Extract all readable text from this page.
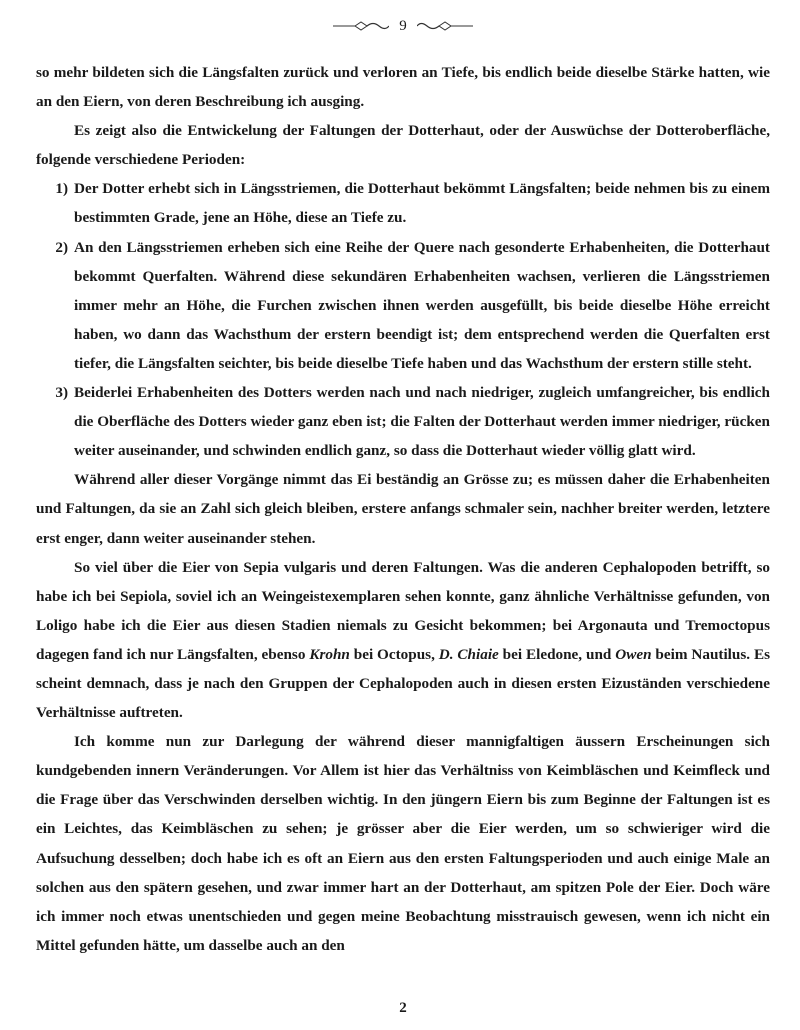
9

so mehr bildeten sich die Längsfalten zurück und verloren an Tiefe, bis endlich beide dieselbe Stärke hatten, wie an den Eiern, von deren Beschreibung ich ausging.

Es zeigt also die Entwickelung der Faltungen der Dotterhaut, oder der Auswüchse der Dotteroberfläche, folgende verschiedene Perioden:

1) Der Dotter erhebt sich in Längsstriemen, die Dotterhaut bekömmt Längsfalten; beide nehmen bis zu einem bestimmten Grade, jene an Höhe, diese an Tiefe zu.
2) An den Längsstriemen erheben sich eine Reihe der Quere nach gesonderte Erhabenheiten, die Dotterhaut bekommt Querfalten. Während diese sekundären Erhabenheiten wachsen, verlieren die Längsstriemen immer mehr an Höhe, die Furchen zwischen ihnen werden ausgefüllt, bis beide dieselbe Höhe erreicht haben, wo dann das Wachsthum der erstern beendigt ist; dem entsprechend werden die Querfalten erst tiefer, die Längsfalten seichter, bis beide dieselbe Tiefe haben und das Wachsthum der erstern stille steht.
3) Beiderlei Erhabenheiten des Dotters werden nach und nach niedriger, zugleich umfangreicher, bis endlich die Oberfläche des Dotters wieder ganz eben ist; die Falten der Dotterhaut werden immer niedriger, rücken weiter auseinander, und schwinden endlich ganz, so dass die Dotterhaut wieder völlig glatt wird.

Während aller dieser Vorgänge nimmt das Ei beständig an Grösse zu; es müssen daher die Erhabenheiten und Faltungen, da sie an Zahl sich gleich bleiben, erstere anfangs schmaler sein, nachher breiter werden, letztere erst enger, dann weiter auseinander stehen.

So viel über die Eier von Sepia vulgaris und deren Faltungen. Was die anderen Cephalopoden betrifft, so habe ich bei Sepiola, soviel ich an Weingeistexemplaren sehen konnte, ganz ähnliche Verhältnisse gefunden, von Loligo habe ich die Eier aus diesen Stadien niemals zu Gesicht bekommen; bei Argonauta und Tremoctopus dagegen fand ich nur Längsfalten, ebenso Krohn bei Octopus, D. Chiaie bei Eledone, und Owen beim Nautilus. Es scheint demnach, dass je nach den Gruppen der Cephalopoden auch in diesen ersten Eizuständen verschiedene Verhältnisse auftreten.

Ich komme nun zur Darlegung der während dieser mannigfaltigen äussern Erscheinungen sich kundgebenden innern Veränderungen. Vor Allem ist hier das Verhältniss von Keimbläschen und Keimfleck und die Frage über das Verschwinden derselben wichtig. In den jüngern Eiern bis zum Beginne der Faltungen ist es ein Leichtes, das Keimbläschen zu sehen; je grösser aber die Eier werden, um so schwieriger wird die Aufsuchung desselben; doch habe ich es oft an Eiern aus den ersten Faltungsperioden und auch einige Male an solchen aus den spätern gesehen, und zwar immer hart an der Dotterhaut, am spitzen Pole der Eier. Doch wäre ich immer noch etwas unentschieden und gegen meine Beobachtung misstrauisch gewesen, wenn ich nicht ein Mittel gefunden hätte, um dasselbe auch an den

2
